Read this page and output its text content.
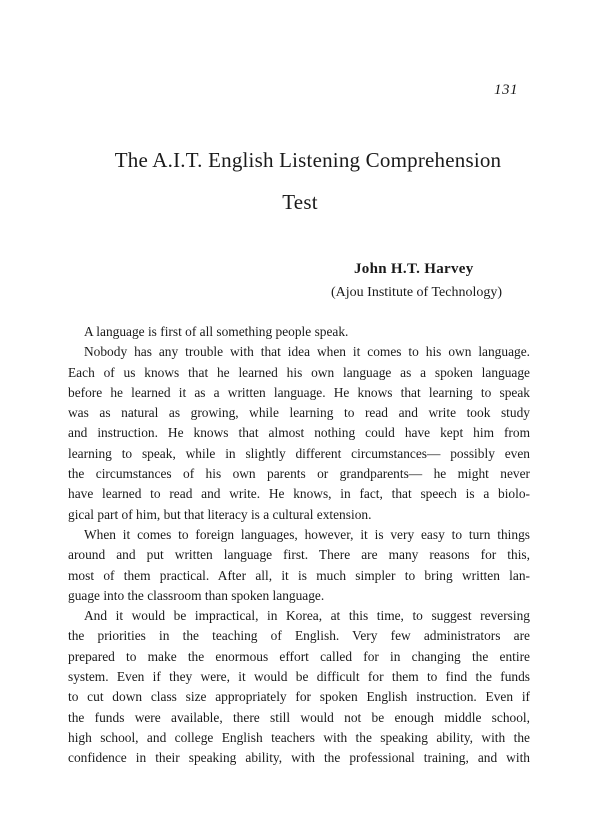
131
The A.I.T. English Listening Comprehension
Test
John H.T. Harvey
(Ajou Institute of Technology)
A language is first of all something people speak.
Nobody has any trouble with that idea when it comes to his own language.
Each of us knows that he learned his own language as a spoken language
before he learned it as a written language. He knows that learning to speak
was as natural as growing, while learning to read and write took study
and instruction. He knows that almost nothing could have kept him from
learning to speak, while in slightly different circumstances— possibly even
the circumstances of his own parents or grandparents— he might never
have learned to read and write. He knows, in fact, that speech is a biolo-
gical part of him, but that literacy is a cultural extension.
When it comes to foreign languages, however, it is very easy to turn things
around and put written language first. There are many reasons for this,
most of them practical. After all, it is much simpler to bring written lan-
guage into the classroom than spoken language.
And it would be impractical, in Korea, at this time, to suggest reversing
the priorities in the teaching of English. Very few administrators are
prepared to make the enormous effort called for in changing the entire
system. Even if they were, it would be difficult for them to find the funds
to cut down class size appropriately for spoken English instruction. Even if
the funds were available, there still would not be enough middle school,
high school, and college English teachers with the speaking ability, with the
confidence in their speaking ability, with the professional training, and with
